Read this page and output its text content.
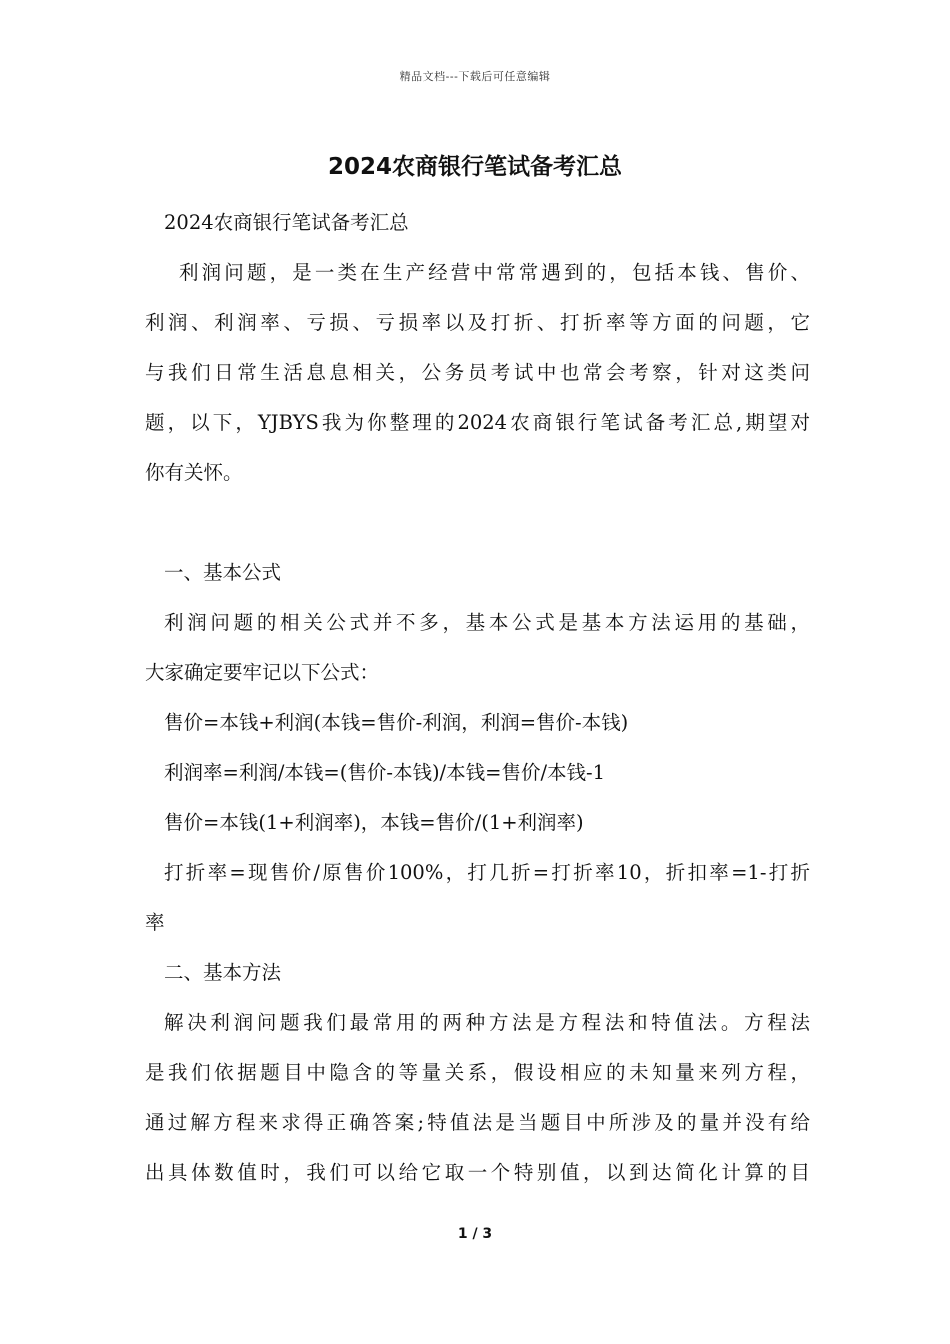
精品文档---下载后可任意编辑
2024农商银行笔试备考汇总
2024农商银行笔试备考汇总
利润问题，是一类在生产经营中常常遇到的，包括本钱、售价、
利润、利润率、亏损、亏损率以及打折、打折率等方面的问题，它
与我们日常生活息息相关，公务员考试中也常会考察，针对这类问
题，以下，YJBYS我为你整理的2024农商银行笔试备考汇总,期望对
你有关怀。
一、基本公式
利润问题的相关公式并不多，基本公式是基本方法运用的基础，
大家确定要牢记以下公式：
售价=本钱+利润(本钱=售价-利润，利润=售价-本钱)
利润率=利润/本钱=(售价-本钱)/本钱=售价/本钱-1
售价=本钱(1+利润率)，本钱=售价/(1+利润率)
打折率=现售价/原售价100%，打几折=打折率10，折扣率=1-打折
率
二、基本方法
解决利润问题我们最常用的两种方法是方程法和特值法。方程法
是我们依据题目中隐含的等量关系，假设相应的未知量来列方程，
通过解方程来求得正确答案;特值法是当题目中所涉及的量并没有给
出具体数值时，我们可以给它取一个特别值，以到达简化计算的目
1 / 3
